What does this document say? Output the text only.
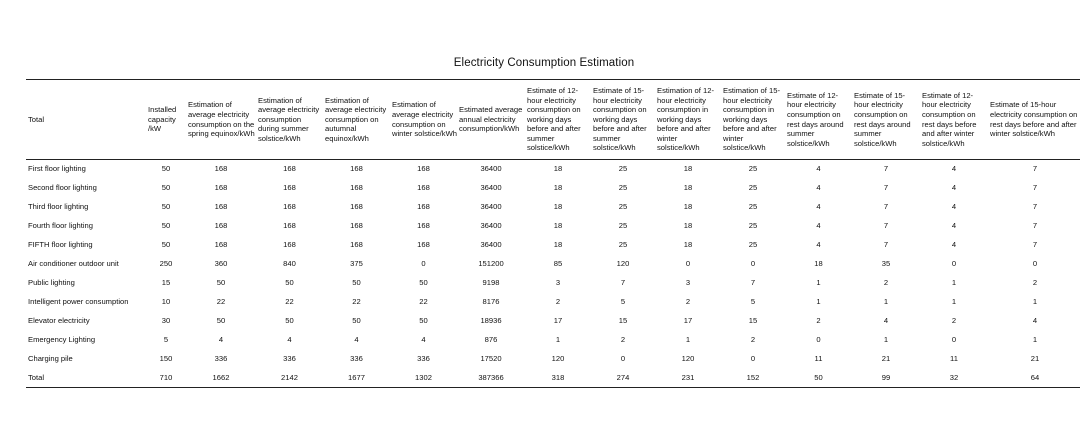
Electricity Consumption Estimation
Total	Installed capacity /kW	Estimation of average electricity consumption on the spring equinox/kWh	Estimation of average electricity consumption during summer solstice/kWh	Estimation of average electricity consumption on autumnal equinox/kWh	Estimation of average electricity consumption on winter solstice/kWh	Estimated average annual electricity consumption/kWh	Estimate of 12-hour electricity consumption on working days before and after summer solstice/kWh	Estimate of 15-hour electricity consumption on working days before and after summer solstice/kWh	Estimation of 12-hour electricity consumption in working days before and after winter solstice/kWh	Estimation of 15-hour electricity consumption in working days before and after winter solstice/kWh	Estimate of 12-hour electricity consumption on rest days around summer solstice/kWh	Estimate of 15-hour electricity consumption on rest days around summer solstice/kWh	Estimate of 12-hour electricity consumption on rest days before and after winter solstice/kWh	Estimate of 15-hour electricity consumption on rest days before and after winter solstice/kWh
First floor lighting	50	168	168	168	168	36400	18	25	18	25	4	7	4	7
Second floor lighting	50	168	168	168	168	36400	18	25	18	25	4	7	4	7
Third floor lighting	50	168	168	168	168	36400	18	25	18	25	4	7	4	7
Fourth floor lighting	50	168	168	168	168	36400	18	25	18	25	4	7	4	7
FIFTH floor lighting	50	168	168	168	168	36400	18	25	18	25	4	7	4	7
Air conditioner outdoor unit	250	360	840	375	0	151200	85	120	0	0	18	35	0	0
Public lighting	15	50	50	50	50	9198	3	7	3	7	1	2	1	2
Intelligent power consumption	10	22	22	22	22	8176	2	5	2	5	1	1	1	1
Elevator electricity	30	50	50	50	50	18936	17	15	17	15	2	4	2	4
Emergency Lighting	5	4	4	4	4	876	1	2	1	2	0	1	0	1
Charging pile	150	336	336	336	336	17520	120	0	120	0	11	21	11	21
Total	710	1662	2142	1677	1302	387366	318	274	231	152	50	99	32	64
